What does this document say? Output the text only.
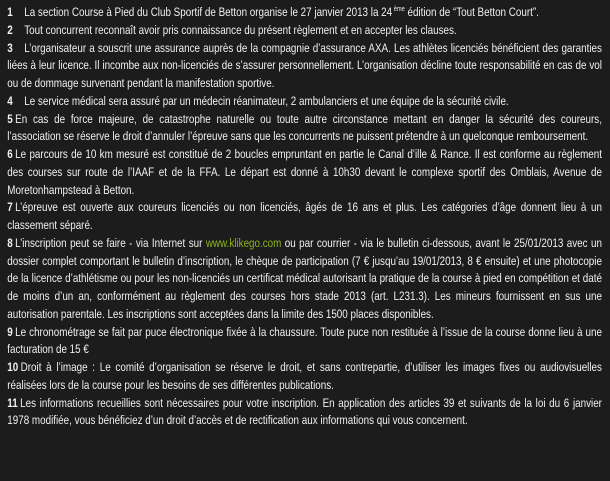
1 La section Course à Pied du Club Sportif de Betton organise le 27 janvier 2013 la 24 $^{ème}$ édition de “Tout Betton Court”.

2 Tout concurrent reconnaît avoir pris connaissance du présent règlement et en accepter les clauses.

3 L’organisateur a souscrit une assurance auprès de la compagnie d’assurance AXA. Les athlètes licenciés bénéficient des garanties liées à leur licence. Il incombe aux non-licenciés de s’assurer personnellement. L’organisation décline toute responsabilité en cas de vol ou de dommage survenant pendant la manifestation sportive.

4 Le service médical sera assuré par un médecin réanimateur, 2 ambulanciers et une équipe de la sécurité civile.

5 En cas de force majeure, de catastrophe naturelle ou toute autre circonstance mettant en danger la sécurité des coureurs, l’association se réserve le droit d’annuler l’épreuve sans que les concurrents ne puissent prétendre à un quelconque remboursement.

6 Le parcours de 10 km mesuré est constitué de 2 boucles empruntant en partie le Canal d’ille & Rance. Il est conforme au règlement des courses sur route de l’IAAF et de la FFA. Le départ est donné à 10h30 devant le complexe sportif des Omblais, Avenue de Moretonhampstead à Betton.

7 L’épreuve est ouverte aux coureurs licenciés ou non licenciés, âgés de 16 ans et plus. Les catégories d’âge donnent lieu à un classement séparé.

8 L’inscription peut se faire - via Internet sur www.klikego.com ou par courrier - via le bulletin ci-dessous, avant le 25/01/2013 avec un dossier complet comportant le bulletin d’inscription, le chèque de participation (7 € jusqu’au 19/01/2013, 8 € ensuite) et une photocopie de la licence d’athlétisme ou pour les non-licenciés un certificat médical autorisant la pratique de la course à pied en compétition et daté de moins d’un an, conformément au règlement des courses hors stade 2013 (art. L231.3). Les mineurs fournissent en sus une autorisation parentale. Les inscriptions sont acceptées dans la limite des 1500 places disponibles.

9 Le chronométrage se fait par puce électronique fixée à la chaussure. Toute puce non restituée à l’issue de la course donne lieu à une facturation de 15 €

10 Droit à l’image : Le comité d’organisation se réserve le droit, et sans contrepartie, d’utiliser les images fixes ou audiovisuelles réalisées lors de la course pour les besoins de ses différentes publications.

11 Les informations recueillies sont nécessaires pour votre inscription. En application des articles 39 et suivants de la loi du 6 janvier 1978 modifiée, vous bénéficiez d’un droit d’accès et de rectification aux informations qui vous concernent.
